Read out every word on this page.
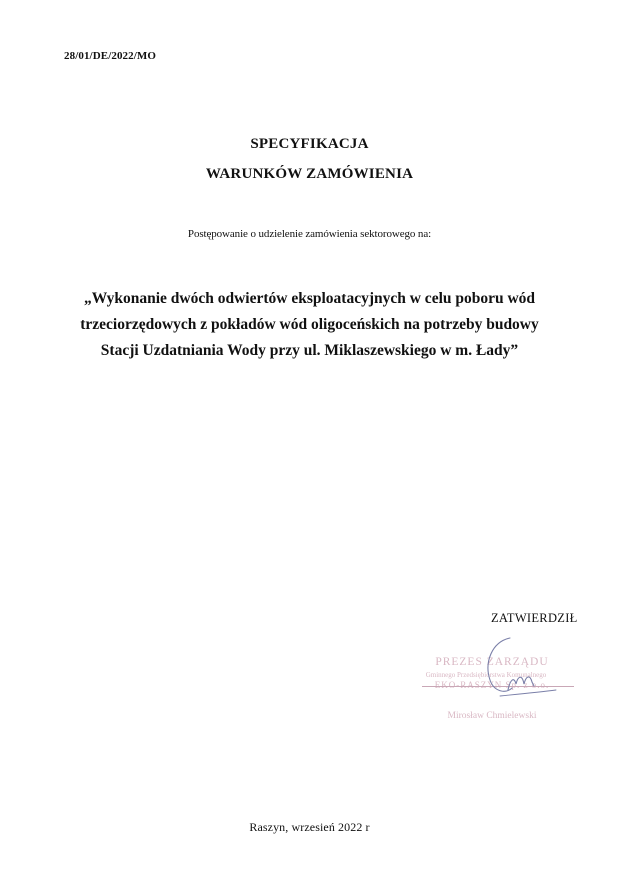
28/01/DE/2022/MO
SPECYFIKACJA
WARUNKÓW ZAMÓWIENIA
Postępowanie o udzielenie zamówienia sektorowego na:
„Wykonanie dwóch odwiertów eksploatacyjnych w celu poboru wód
trzeciorzędowych z pokładów wód oligoceńskich na potrzeby budowy
Stacji Uzdatniania Wody przy ul. Miklaszewskiego w m. Łady”
ZATWIERDZIŁ
PREZES ZARZĄDU
Gminnego Przedsiębiorstwa Komunalnego
EKO-RASZYN Sp. z o.o.
Mirosław Chmielewski
Raszyn, wrzesień 2022 r
